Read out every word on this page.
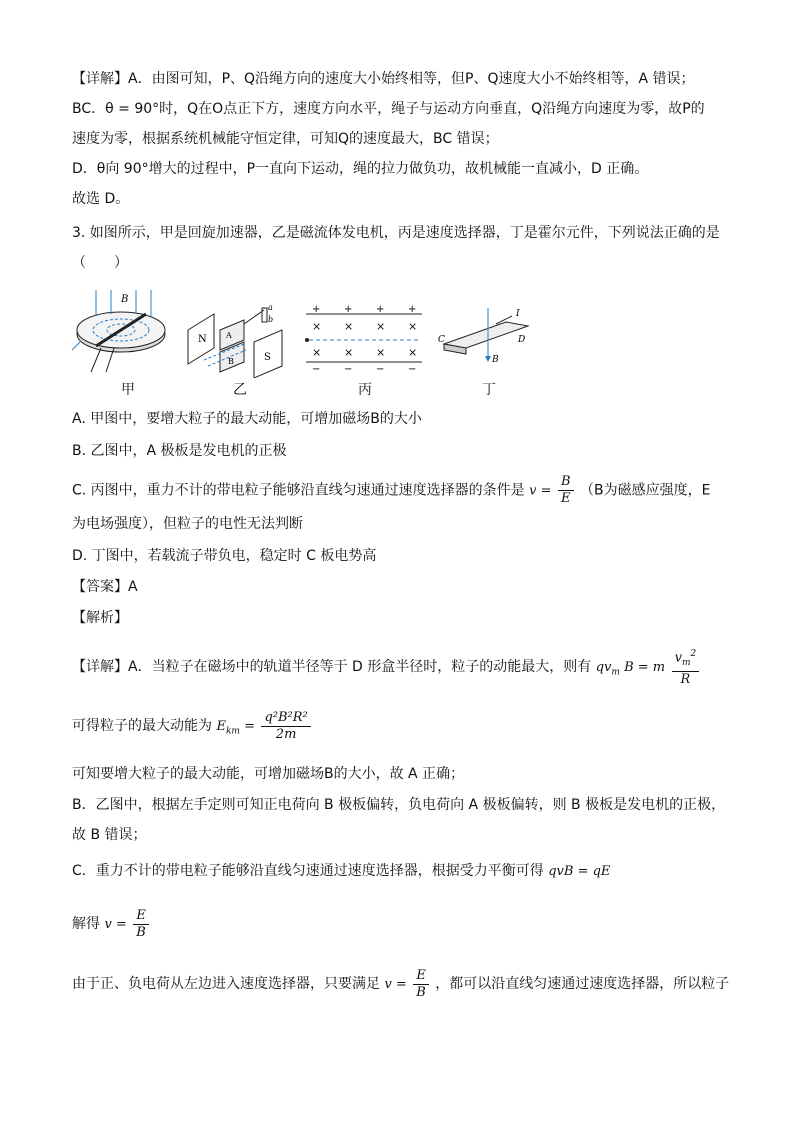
【详解】A．由图可知，P、Q沿绳方向的速度大小始终相等，但P、Q速度大小不始终相等，A 错误；
BC．θ = 90°时，Q在O点正下方，速度方向水平，绳子与运动方向垂直，Q沿绳方向速度为零，故P的
速度为零，根据系统机械能守恒定律，可知Q的速度最大，BC 错误；
D．θ向 90°增大的过程中，P一直向下运动，绳的拉力做负功，故机械能一直减小，D 正确。
故选 D。
3. 如图所示，甲是回旋加速器，乙是磁流体发电机，丙是速度选择器，丁是霍尔元件，下列说法正确的是
（　　）
B
N A
B	S
a
b
+ + + +
× × × ×
× × × ×
− − − −
B
I
C	D
甲	乙	丙	丁
A. 甲图中，要增大粒子的最大动能，可增加磁场B的大小
B. 乙图中，A 极板是发电机的正极
C. 丙图中，重力不计的带电粒子能够沿直线匀速通过速度选择器的条件是 $v = \frac{B}{E} (B$为磁感应强度，E
为电场强度），但粒子的电性无法判断
D. 丁图中，若载流子带负电，稳定时 C 板电势高
【答案】A
【解析】
【详解】A．当粒子在磁场中的轨道半径等于 D 形盒半径时，粒子的动能最大，则有 $qv_m$ B = m $\frac{v_m^2}{R}$
可得粒子的最大动能为 $E_{km} = \frac{\text{q²B²R²}}{2m}$
可知要增大粒子的最大动能，可增加磁场B的大小，故 A 正确；
B．乙图中，根据左手定则可知正电荷向 B 极板偏转，负电荷向 A 极板偏转，则 B 极板是发电机的正极，
故 B 错误；
C．重力不计的带电粒子能够沿直线匀速通过速度选择器，根据受力平衡可得 qvB = qE
解得 $v = \frac{E}{B}$
由于正、负电荷从左边进入速度选择器，只要满足 $v = \frac{E}{B}$ ，都可以沿直线匀速通过速度选择器，所以粒子
